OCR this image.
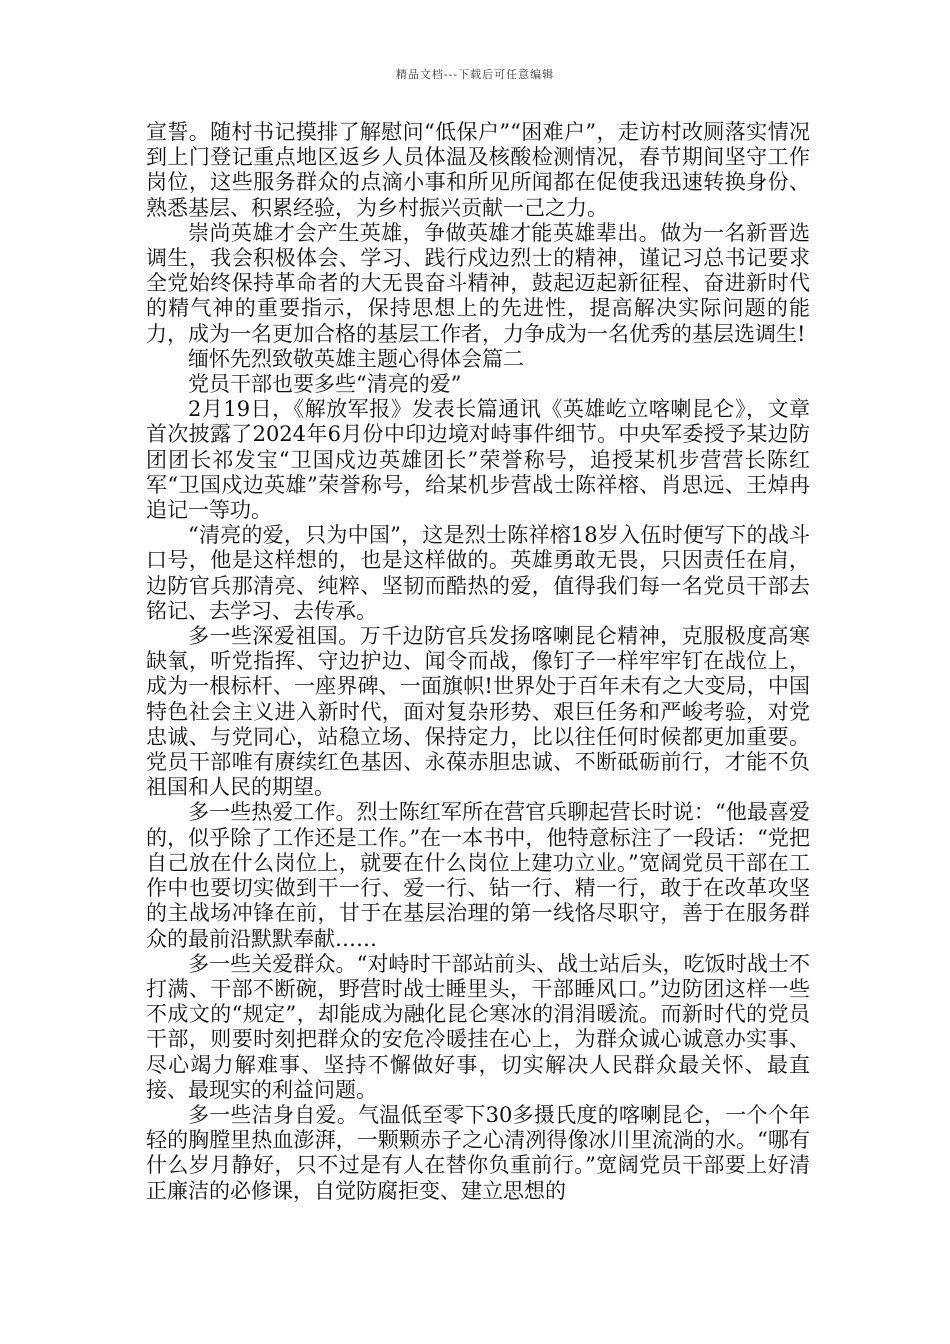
精品文档---下载后可任意编辑

宣誓。随村书记摸排了解慰问“低保户”“困难户”，走访村改厕落实情况到上门登记重点地区返乡人员体温及核酸检测情况，春节期间坚守工作岗位，这些服务群众的点滴小事和所见所闻都在促使我迅速转换身份、熟悉基层、积累经验，为乡村振兴贡献一己之力。

崇尚英雄才会产生英雄，争做英雄才能英雄辈出。做为一名新晋选调生，我会积极体会、学习、践行戍边烈士的精神，谨记习总书记要求全党始终保持革命者的大无畏奋斗精神，鼓起迈起新征程、奋进新时代的精气神的重要指示，保持思想上的先进性，提高解决实际问题的能力，成为一名更加合格的基层工作者，力争成为一名优秀的基层选调生!

缅怀先烈致敬英雄主题心得体会篇二

党员干部也要多些“清亮的爱”

2月19日，《解放军报》发表长篇通讯《英雄屹立喀喇昆仑》，文章首次披露了2024年6月份中印边境对峙事件细节。中央军委授予某边防团团长祁发宝“卫国戍边英雄团长”荣誉称号，追授某机步营营长陈红军“卫国戍边英雄”荣誉称号，给某机步营战士陈祥榕、肖思远、王焯冉追记一等功。

“清亮的爱，只为中国”，这是烈士陈祥榕18岁入伍时便写下的战斗口号，他是这样想的，也是这样做的。英雄勇敢无畏，只因责任在肩，边防官兵那清亮、纯粹、坚韧而酷热的爱，值得我们每一名党员干部去铭记、去学习、去传承。

多一些深爱祖国。万千边防官兵发扬喀喇昆仑精神，克服极度高寒缺氧，听党指挥、守边护边、闻令而战，像钉子一样牢牢钉在战位上，成为一根标杆、一座界碑、一面旗帜!世界处于百年未有之大变局，中国特色社会主义进入新时代，面对复杂形势、艰巨任务和严峻考验，对党忠诚、与党同心，站稳立场、保持定力，比以往任何时候都更加重要。党员干部唯有赓续红色基因、永葆赤胆忠诚、不断砥砺前行，才能不负祖国和人民的期望。

多一些热爱工作。烈士陈红军所在营官兵聊起营长时说：“他最喜爱的，似乎除了工作还是工作。”在一本书中，他特意标注了一段话：“党把自己放在什么岗位上，就要在什么岗位上建功立业。”宽阔党员干部在工作中也要切实做到干一行、爱一行、钻一行、精一行，敢于在改革攻坚的主战场冲锋在前，甘于在基层治理的第一线恪尽职守，善于在服务群众的最前沿默默奉献……

多一些关爱群众。“对峙时干部站前头、战士站后头，吃饭时战士不打满、干部不断碗，野营时战士睡里头，干部睡风口。”边防团这样一些不成文的“规定”，却能成为融化昆仑寒冰的涓涓暖流。而新时代的党员干部，则要时刻把群众的安危冷暖挂在心上，为群众诚心诚意办实事、尽心竭力解难事、坚持不懈做好事，切实解决人民群众最关怀、最直接、最现实的利益问题。

多一些洁身自爱。气温低至零下30多摄氏度的喀喇昆仑，一个个年轻的胸膛里热血澎湃，一颗颗赤子之心清冽得像冰川里流淌的水。“哪有什么岁月静好，只不过是有人在替你负重前行。”宽阔党员干部要上好清正廉洁的必修课，自觉防腐拒变、建立思想的
